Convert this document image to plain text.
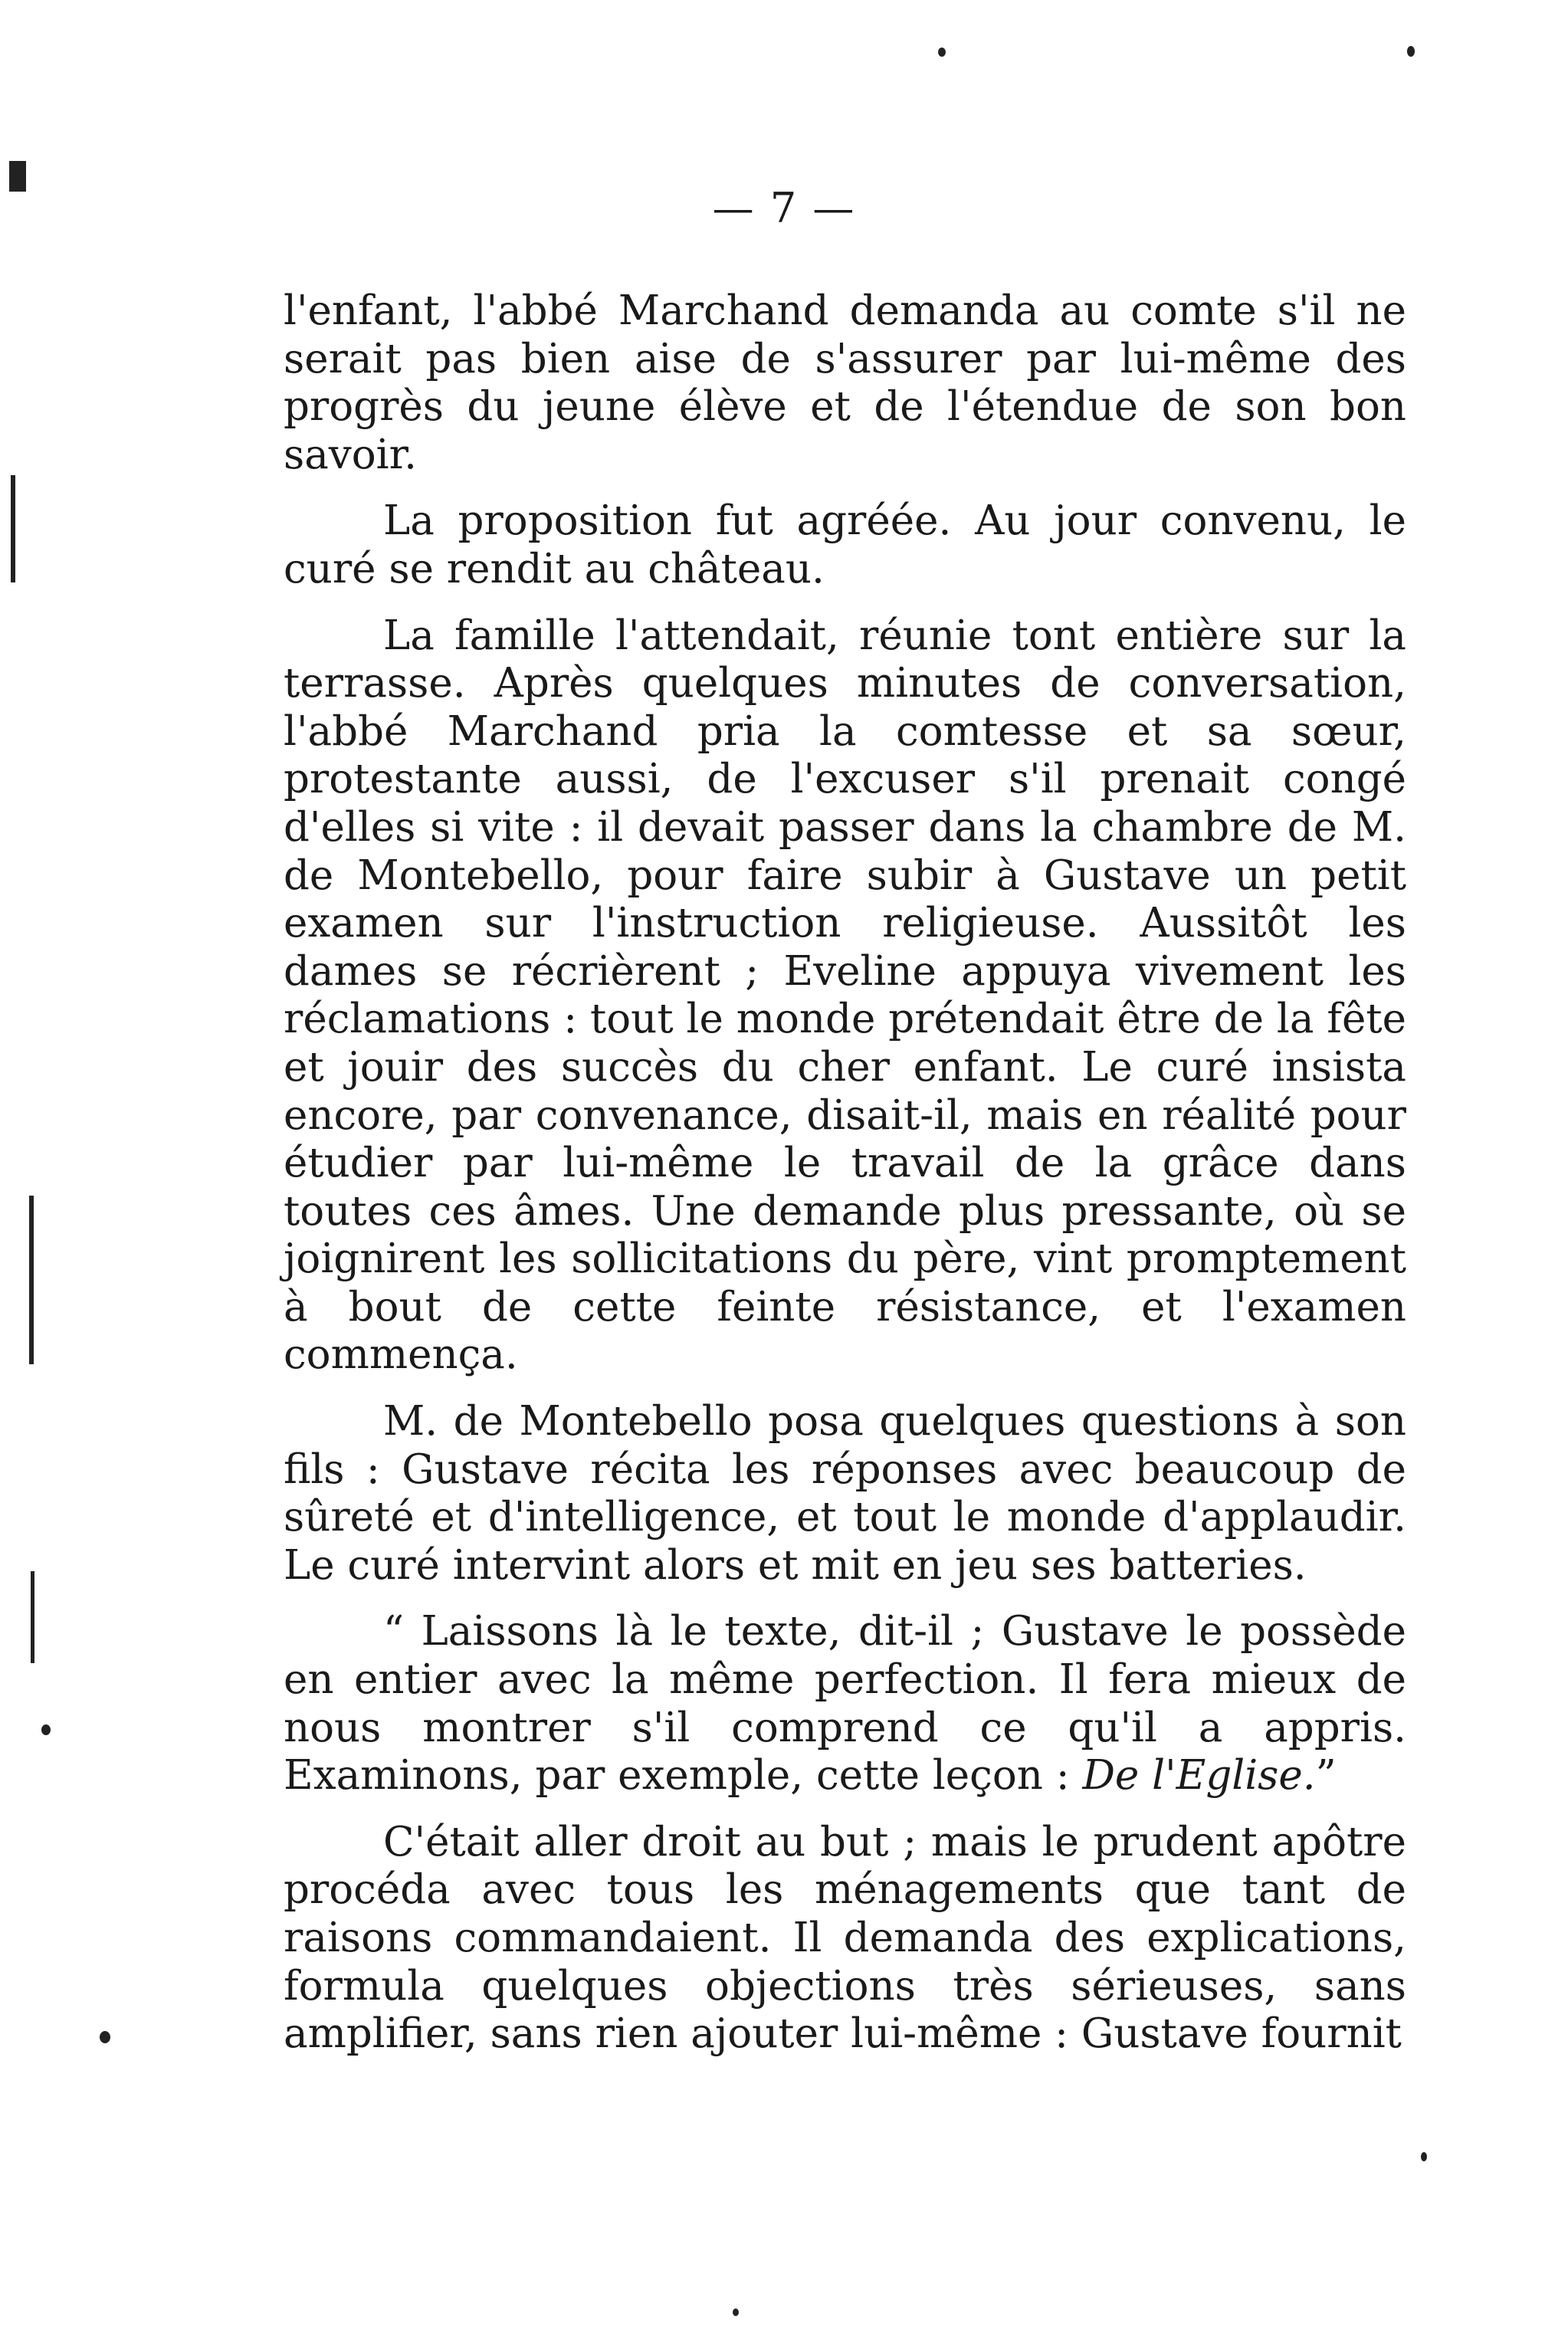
— 7 —

l'enfant, l'abbé Marchand demanda au comte s'il ne serait pas bien aise de s'assurer par lui-même des progrès du jeune élève et de l'étendue de son bon savoir.

La proposition fut agréée. Au jour convenu, le curé se rendit au château.

La famille l'attendait, réunie tont entière sur la terrasse. Après quelques minutes de conversation, l'abbé Marchand pria la comtesse et sa sœur, protestante aussi, de l'excuser s'il prenait congé d'elles si vite : il devait passer dans la chambre de M. de Montebello, pour faire subir à Gustave un petit examen sur l'instruction religieuse. Aussitôt les dames se récrièrent ; Eveline appuya vivement les réclamations : tout le monde prétendait être de la fête et jouir des succès du cher enfant. Le curé insista encore, par convenance, disait-il, mais en réalité pour étudier par lui-même le travail de la grâce dans toutes ces âmes. Une demande plus pressante, où se joignirent les sollicitations du père, vint promptement à bout de cette feinte résistance, et l'examen commença.

M. de Montebello posa quelques questions à son fils : Gustave récita les réponses avec beaucoup de sûreté et d'intelligence, et tout le monde d'applaudir. Le curé intervint alors et mit en jeu ses batteries.

“ Laissons là le texte, dit-il ; Gustave le possède en entier avec la même perfection. Il fera mieux de nous montrer s'il comprend ce qu'il a appris. Examinons, par exemple, cette leçon : De l'Eglise.”

C'était aller droit au but ; mais le prudent apôtre procéda avec tous les ménagements que tant de raisons commandaient. Il demanda des explications, formula quelques objections très sérieuses, sans amplifier, sans rien ajouter lui-même : Gustave fournit
